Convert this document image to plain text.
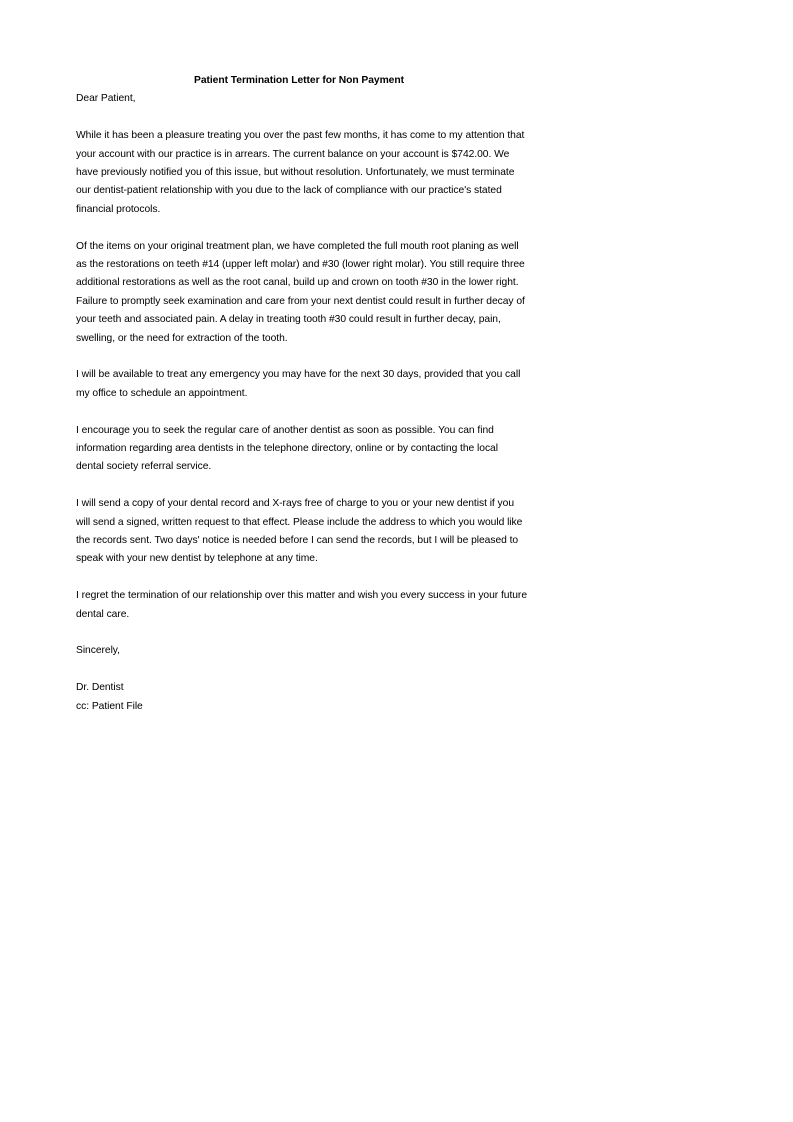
Patient Termination Letter for Non Payment
Dear Patient,

While it has been a pleasure treating you over the past few months, it has come to my attention that your account with our practice is in arrears. The current balance on your account is $742.00. We have previously notified you of this issue, but without resolution. Unfortunately, we must terminate our dentist-patient relationship with you due to the lack of compliance with our practice's stated financial protocols.

Of the items on your original treatment plan, we have completed the full mouth root planing as well as the restorations on teeth #14 (upper left molar) and #30 (lower right molar). You still require three additional restorations as well as the root canal, build up and crown on tooth #30 in the lower right. Failure to promptly seek examination and care from your next dentist could result in further decay of your teeth and associated pain. A delay in treating tooth #30 could result in further decay, pain, swelling, or the need for extraction of the tooth.

I will be available to treat any emergency you may have for the next 30 days, provided that you call my office to schedule an appointment.

I encourage you to seek the regular care of another dentist as soon as possible. You can find information regarding area dentists in the telephone directory, online or by contacting the local dental society referral service.

I will send a copy of your dental record and X-rays free of charge to you or your new dentist if you will send a signed, written request to that effect. Please include the address to which you would like the records sent. Two days' notice is needed before I can send the records, but I will be pleased to speak with your new dentist by telephone at any time.

I regret the termination of our relationship over this matter and wish you every success in your future dental care.

Sincerely,
Dr. Dentist
cc: Patient File
